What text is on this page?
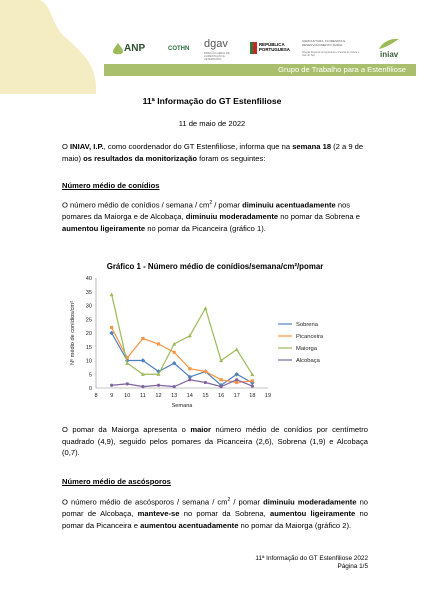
ANP	COTHN dgav
DIREÇÃO-GERAL DE ALIMENTAÇÃO E VETERINÁRIA
REPÚBLICA PORTUGUESA
AGRICULTURA, FLORESTAS E DESENVOLVIMENTO RURAL
Direção Regional de Agricultura e Pescas de Lisboa e Vale do Tejo	iniav
Grupo de Trabalho para a Estenfiliose
11ª Informação do GT Estenfiliose
11 de maio de 2022

O INIAV, I.P., como coordenador do GT Estenfiliose, informa que na semana 18 (2 a 9 de maio) os resultados da monitorização foram os seguintes:

Número médio de conídios

O número médio de conídios / semana / $cm^2$ / pomar diminuiu acentuadamente nos pomares da Maiorga e de Alcobaça, diminuiu moderadamente no pomar da Sobrena e aumentou ligeiramente no pomar da Picanceira (gráfico 1).

Gráfico 1 - Número médio de conídios/semana/cm²/pomar
0
5
10
15
20
25
30
35
40
8 9 10 11 12 13 14 15 16 17 18 19
Semana
Nº médio de conídios/cm²	Sobrena
Picanceira
Maiorga
Alcobaça

O pomar da Maiorga apresenta o maior número médio de conídios por centímetro quadrado (4,9), seguido pelos pomares da Picanceira (2,6), Sobrena (1,9) e Alcobaça (0,7).

Número médio de ascósporos

O número médio de ascósporos / semana / $cm^2$ / pomar diminuiu moderadamente no pomar de Alcobaça, manteve-se no pomar da Sobrena, aumentou ligeiramente no pomar da Picanceira e aumentou acentuadamente no pomar da Maiorga (gráfico 2).

11ª Informação do GT Estenfiliose 2022
Página 1/5
